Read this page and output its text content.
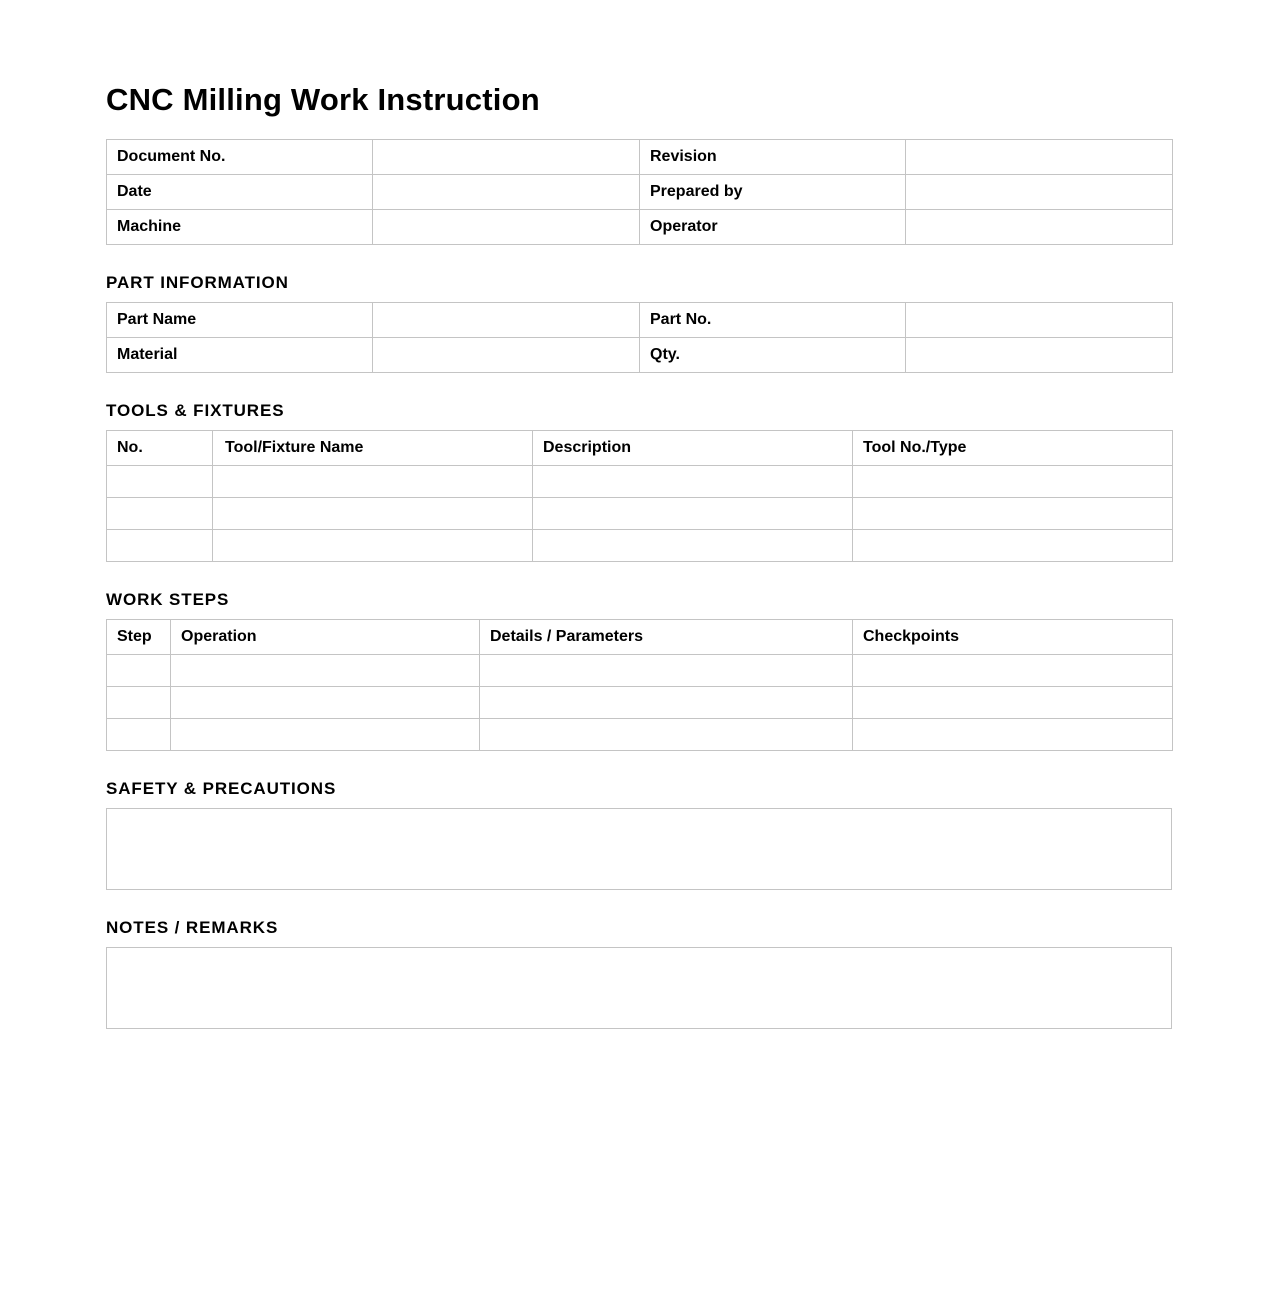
CNC Milling Work Instruction
Document No.		Revision	
Date		Prepared by	
Machine		Operator	
PART INFORMATION
Part Name		Part No.	
Material		Qty.	
TOOLS & FIXTURES
No.	Tool/Fixture Name	Description	Tool No./Type

WORK STEPS
Step	Operation	Details / Parameters	Checkpoints

SAFETY & PRECAUTIONS
NOTES / REMARKS
